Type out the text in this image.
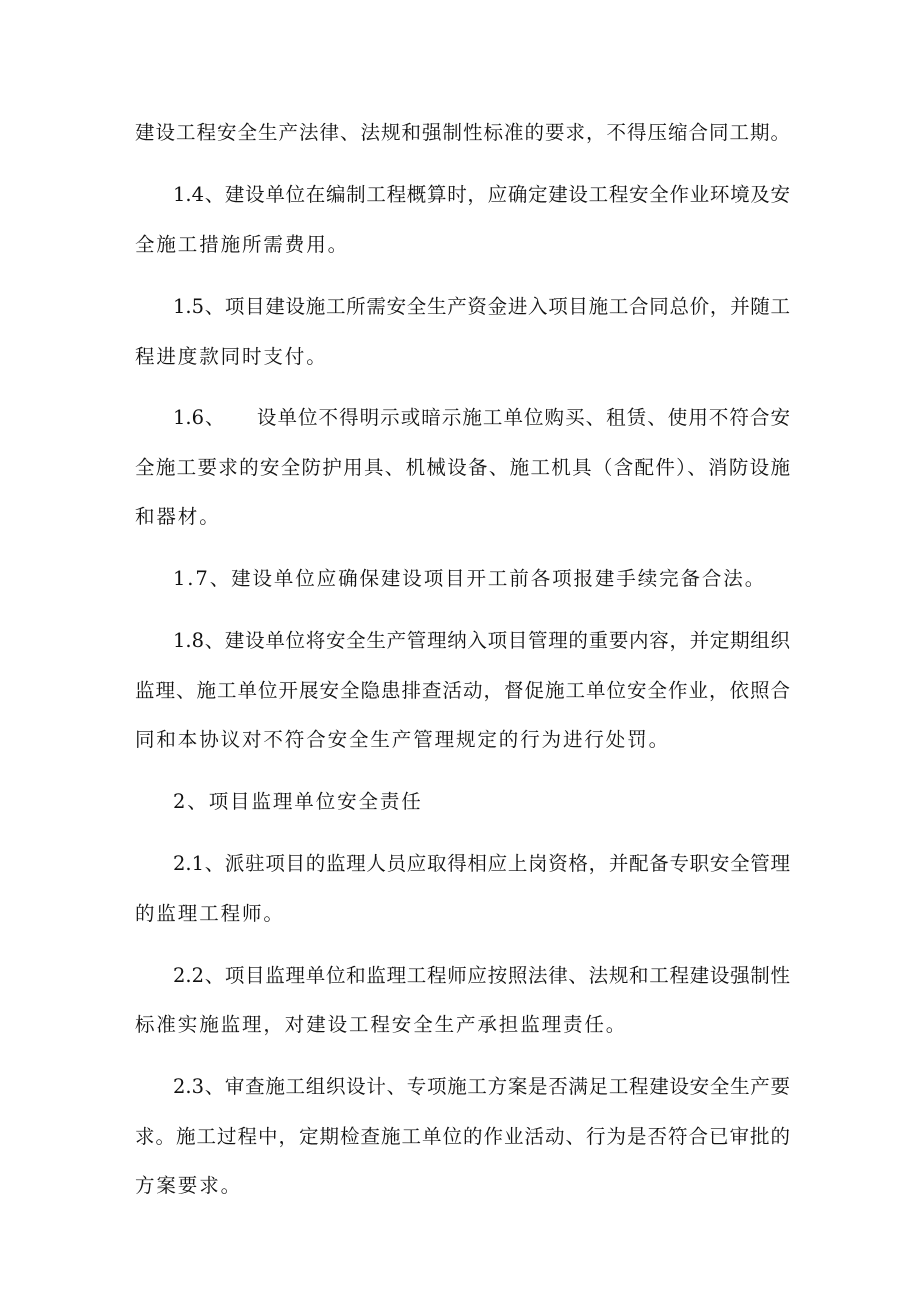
建设工程安全生产法律、法规和强制性标准的要求，不得压缩合同工期。
1.4、建设单位在编制工程概算时，应确定建设工程安全作业环境及安
全施工措施所需费用。
1.5、项目建设施工所需安全生产资金进入项目施工合同总价，并随工
程进度款同时支付。
1.6、　　设单位不得明示或暗示施工单位购买、租赁、使用不符合安
全施工要求的安全防护用具、机械设备、施工机具（含配件）、消防设施
和器材。
1.7、建设单位应确保建设项目开工前各项报建手续完备合法。
1.8、建设单位将安全生产管理纳入项目管理的重要内容，并定期组织
监理、施工单位开展安全隐患排查活动，督促施工单位安全作业，依照合
同和本协议对不符合安全生产管理规定的行为进行处罚。
2、项目监理单位安全责任
2.1、派驻项目的监理人员应取得相应上岗资格，并配备专职安全管理
的监理工程师。
2.2、项目监理单位和监理工程师应按照法律、法规和工程建设强制性
标准实施监理，对建设工程安全生产承担监理责任。
2.3、审查施工组织设计、专项施工方案是否满足工程建设安全生产要
求。施工过程中，定期检查施工单位的作业活动、行为是否符合已审批的
方案要求。
